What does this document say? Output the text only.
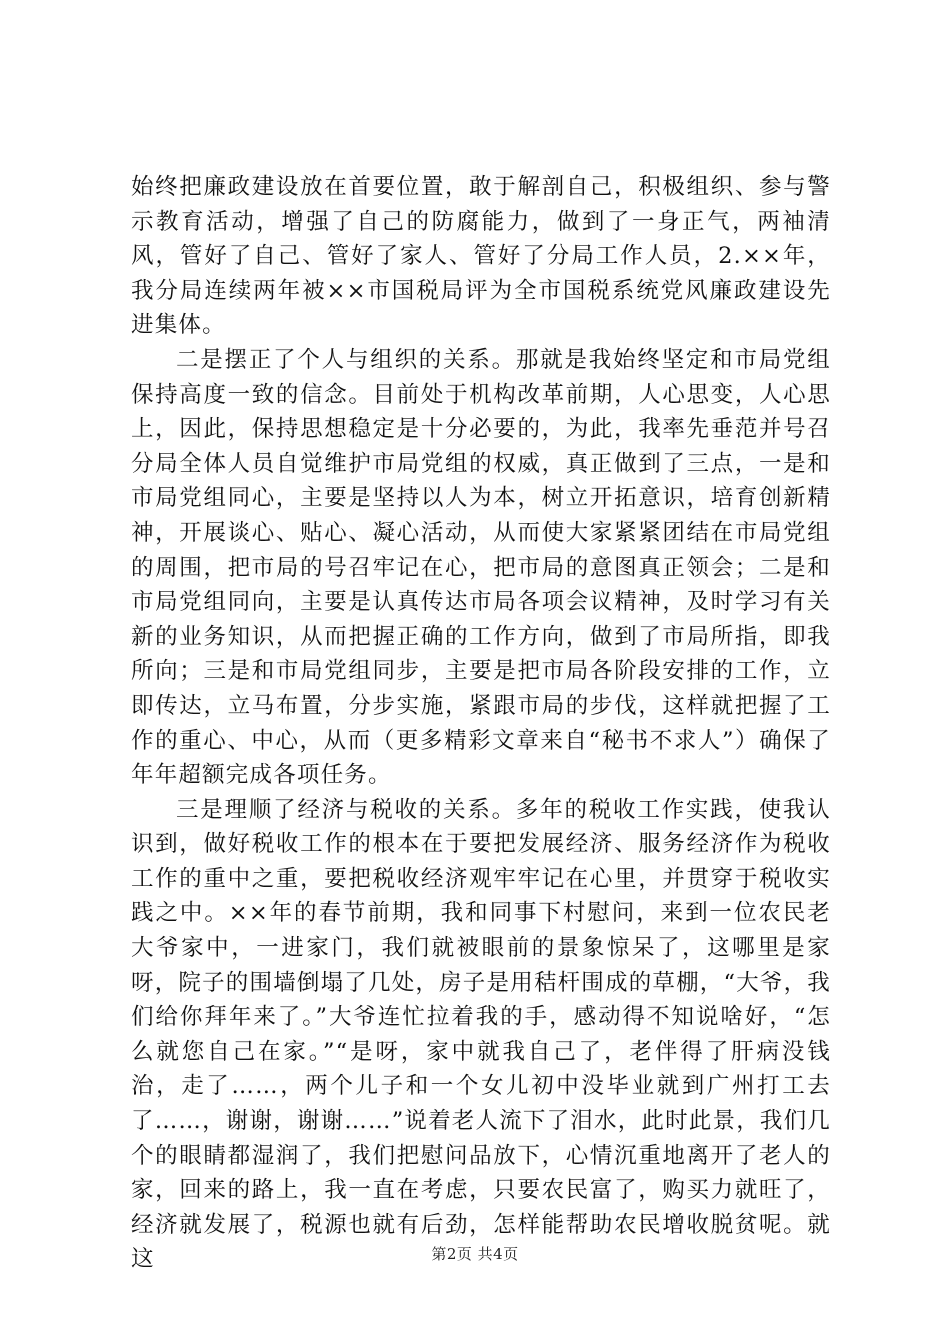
始终把廉政建设放在首要位置，敢于解剖自己，积极组织、参与警示教育活动，增强了自己的防腐能力，做到了一身正气，两袖清风，管好了自己、管好了家人、管好了分局工作人员，2.××年，我分局连续两年被××市国税局评为全市国税系统党风廉政建设先进集体。

二是摆正了个人与组织的关系。那就是我始终坚定和市局党组保持高度一致的信念。目前处于机构改革前期，人心思变，人心思上，因此，保持思想稳定是十分必要的，为此，我率先垂范并号召分局全体人员自觉维护市局党组的权威，真正做到了三点，一是和市局党组同心，主要是坚持以人为本，树立开拓意识，培育创新精神，开展谈心、贴心、凝心活动，从而使大家紧紧团结在市局党组的周围，把市局的号召牢记在心，把市局的意图真正领会；二是和市局党组同向，主要是认真传达市局各项会议精神，及时学习有关新的业务知识，从而把握正确的工作方向，做到了市局所指，即我所向；三是和市局党组同步，主要是把市局各阶段安排的工作，立即传达，立马布置，分步实施，紧跟市局的步伐，这样就把握了工作的重心、中心，从而（更多精彩文章来自“秘书不求人”）确保了年年超额完成各项任务。

三是理顺了经济与税收的关系。多年的税收工作实践，使我认识到，做好税收工作的根本在于要把发展经济、服务经济作为税收工作的重中之重，要把税收经济观牢牢记在心里，并贯穿于税收实践之中。××年的春节前期，我和同事下村慰问，来到一位农民老大爷家中，一进家门，我们就被眼前的景象惊呆了，这哪里是家呀，院子的围墙倒塌了几处，房子是用秸杆围成的草棚，“大爷，我们给你拜年来了。”大爷连忙拉着我的手，感动得不知说啥好，“怎么就您自己在家。”“是呀，家中就我自己了，老伴得了肝病没钱治，走了……，两个儿子和一个女儿初中没毕业就到广州打工去了……，谢谢，谢谢……”说着老人流下了泪水，此时此景，我们几个的眼睛都湿润了，我们把慰问品放下，心情沉重地离开了老人的家，回来的路上，我一直在考虑，只要农民富了，购买力就旺了，经济就发展了，税源也就有后劲，怎样能帮助农民增收脱贫呢。就这	第2页 共4页
